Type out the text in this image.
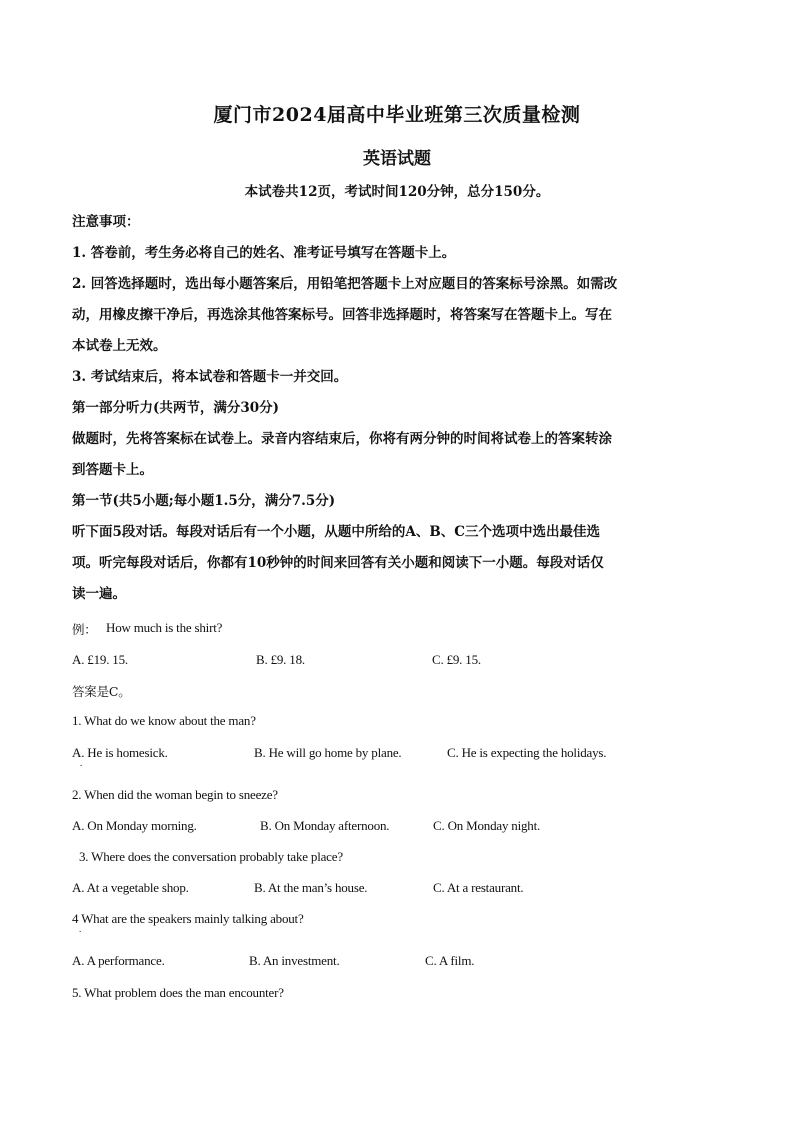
厦门市2024届高中毕业班第三次质量检测
英语试题
本试卷共12页，考试时间120分钟，总分150分。
注意事项：
1. 答卷前，考生务必将自己的姓名、准考证号填写在答题卡上。
2. 回答选择题时，选出每小题答案后，用铅笔把答题卡上对应题目的答案标号涂黑。如需改
动，用橡皮擦干净后，再选涂其他答案标号。回答非选择题时，将答案写在答题卡上。写在
本试卷上无效。
3. 考试结束后，将本试卷和答题卡一并交回。
第一部分听力(共两节，满分30分)
做题时，先将答案标在试卷上。录音内容结束后，你将有两分钟的时间将试卷上的答案转涂
到答题卡上。
第一节(共5小题;每小题1.5分，满分7.5分)
听下面5段对话。每段对话后有一个小题，从题中所给的A、B、C三个选项中选出最佳选
项。听完每段对话后，你都有10秒钟的时间来回答有关小题和阅读下一小题。每段对话仅
读一遍。
例： How much is the shirt?
A. £19. 15.	B. £9. 18.	C. £9. 15.
答案是C。
1. What do we know about the man?
A. He is homesick.	B. He will go home by plane.	C. He is expecting the holidays.
.
2. When did the woman begin to sneeze?
A. On Monday morning.	B. On Monday afternoon.	C. On Monday night.
3. Where does the conversation probably take place?
A. At a vegetable shop.	B. At the man’s house.	C. At a restaurant.
4 What are the speakers mainly talking about?
.
A. A performance.	B. An investment.	C. A film.
5. What problem does the man encounter?
